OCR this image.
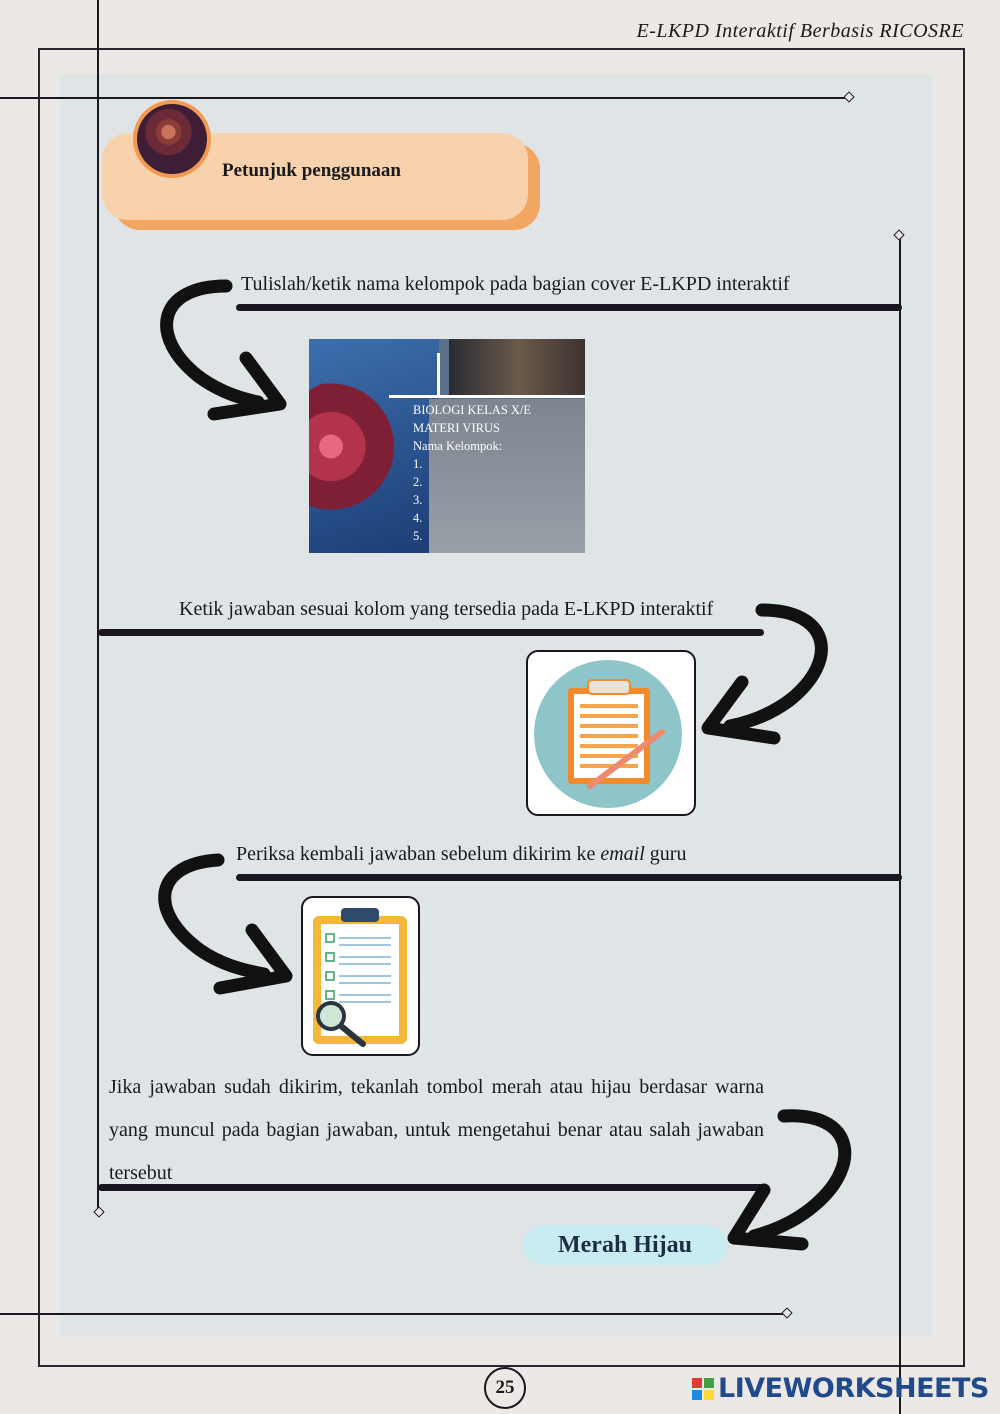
E-LKPD Interaktif Berbasis RICOSRE
Petunjuk penggunaan
Tulislah/ketik nama kelompok pada bagian cover E-LKPD interaktif
BIOLOGI KELAS X/E
MATERI VIRUS
Nama Kelompok:
1.
2.
3.
4.
5.
Ketik jawaban sesuai kolom yang tersedia pada E-LKPD interaktif
Periksa kembali jawaban sebelum dikirim ke email guru
Jika jawaban sudah dikirim, tekanlah tombol merah atau hijau berdasar warna yang muncul pada bagian jawaban, untuk mengetahui benar atau salah jawaban tersebut
Merah Hijau
25	LIVEWORKSHEETS
